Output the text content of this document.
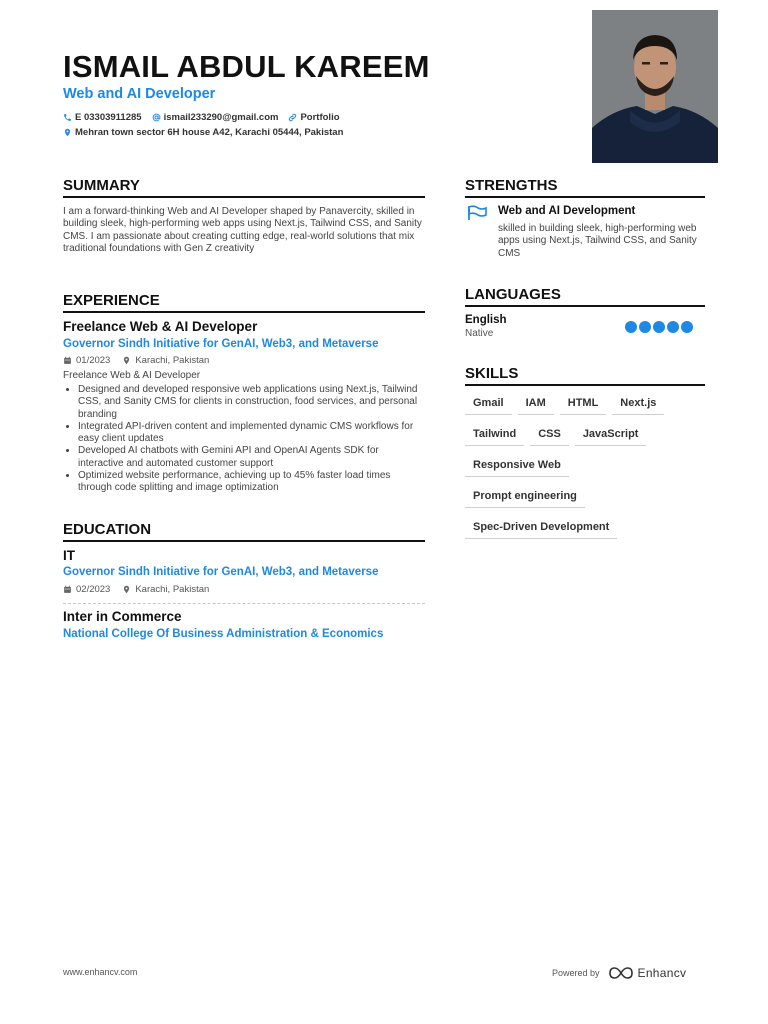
ISMAIL ABDUL KAREEM
Web and AI Developer
E 03303911285 ismail233290@gmail.com Portfolio
Mehran town sector 6H house A42, Karachi 05444, Pakistan
SUMMARY

I am a forward-thinking Web and AI Developer shaped by Panavercity, skilled in building sleek, high-performing web apps using Next.js, Tailwind CSS, and Sanity CMS. I am passionate about creating cutting edge, real-world solutions that mix traditional foundations with Gen Z creativity

EXPERIENCE
Freelance Web & AI Developer
Governor Sindh Initiative for GenAI, Web3, and Metaverse
01/2023	Karachi, Pakistan
Freelance Web & AI Developer
• Designed and developed responsive web applications using Next.js, Tailwind CSS, and Sanity CMS for clients in construction, food services, and personal branding
• Integrated API-driven content and implemented dynamic CMS workflows for easy client updates
• Developed AI chatbots with Gemini API and OpenAI Agents SDK for interactive and automated customer support
• Optimized website performance, achieving up to 45% faster load times through code splitting and image optimization
EDUCATION
IT
Governor Sindh Initiative for GenAI, Web3, and Metaverse
02/2023	Karachi, Pakistan
Inter in Commerce
National College Of Business Administration & Economics
STRENGTHS
Web and AI Development
skilled in building sleek, high-performing web apps using Next.js, Tailwind CSS, and Sanity CMS
LANGUAGES
English
Native
SKILLS
Gmail	IAM	HTML	Next.js
Tailwind	CSS	JavaScript
Responsive Web
Prompt engineering
Spec-Driven Development
www.enhancv.com	Powered by	Enhancv
